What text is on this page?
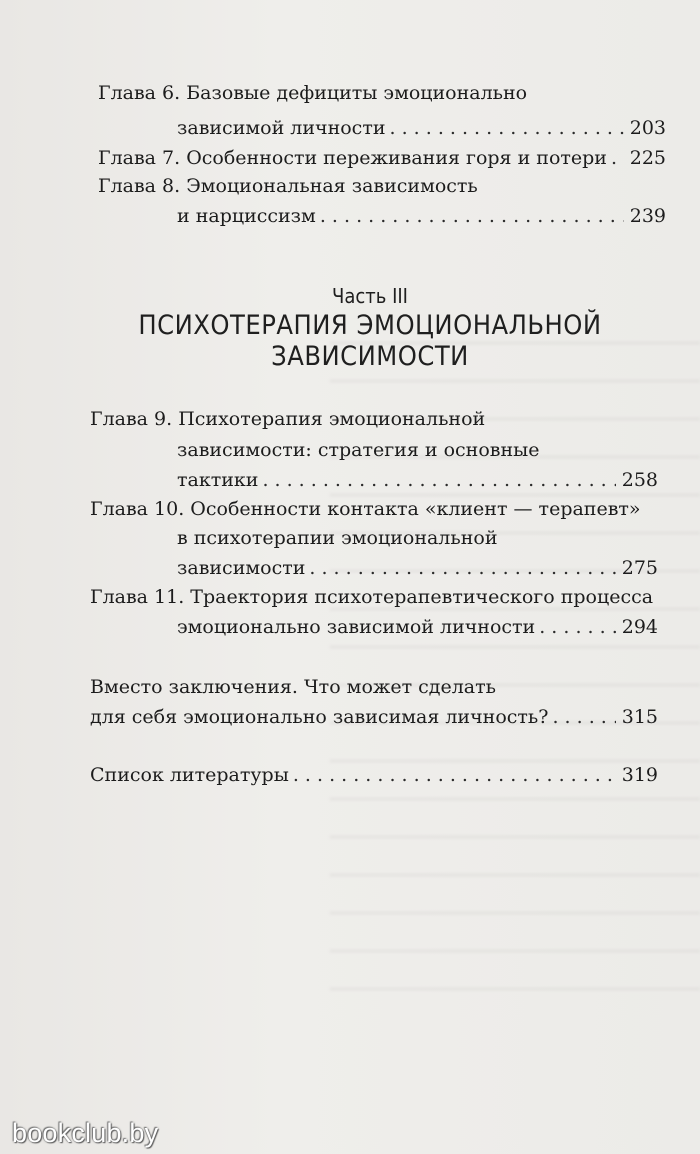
Глава 6. Базовые дефициты эмоционально
зависимой личности . . .	203
Глава 7. Особенности переживания горя и потери . . . 225
Глава 8. Эмоциональная зависимость
и нарциссизм . . .	239
Часть III
ПСИХОТЕРАПИЯ ЭМОЦИОНАЛЬНОЙ
ЗАВИСИМОСТИ
Глава 9. Психотерапия эмоциональной
зависимости: стратегия и основные
тактики . . .	258
Глава 10. Особенности контакта «клиент — терапевт»
в психотерапии эмоциональной
зависимости . . .	275
Глава 11. Траектория психотерапевтического процесса
эмоционально зависимой личности . . .	294
Вместо заключения. Что может сделать
для себя эмоционально зависимая личность? . . .	315
Список литературы . . .	319
bookclub.by
